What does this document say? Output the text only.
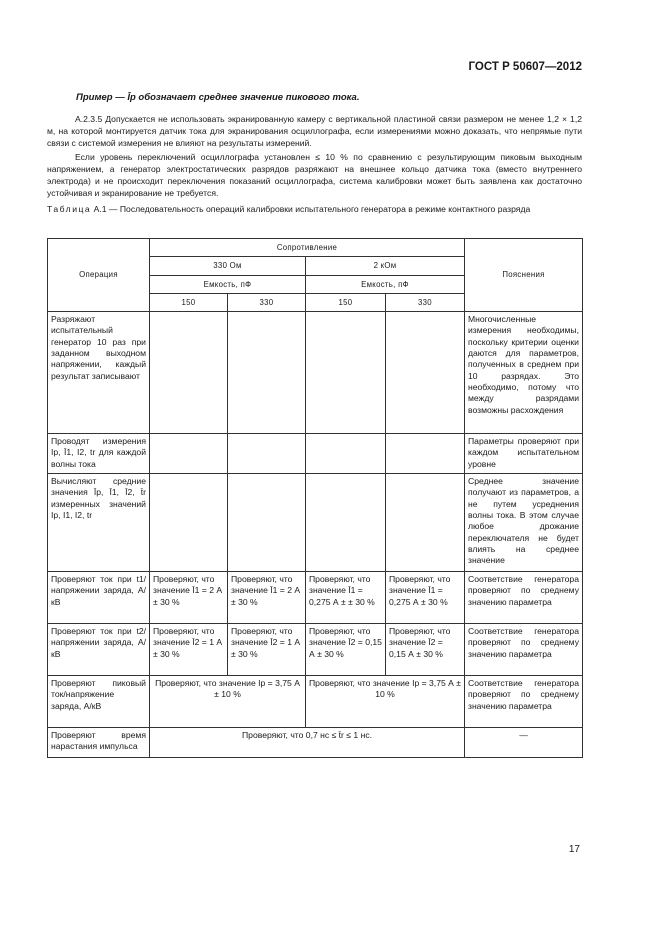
ГОСТ Р 50607—2012
Пример — Īp обозначает среднее значение пикового тока.
А.2.3.5 Допускается не использовать экранированную камеру с вертикальной пластиной связи размером не менее 1,2 × 1,2 м, на которой монтируется датчик тока для экранирования осциллографа, если измерениями можно доказать, что непрямые пути связи с системой измерения не влияют на результаты измерений.
Если уровень переключений осциллографа установлен ≤ 10 % по сравнению с результирующим пиковым выходным напряжением, а генератор электростатических разрядов разряжают на внешнее кольцо датчика тока (вместо внутреннего электрода) и не происходит переключения показаний осциллографа, система калибровки может быть заявлена как достаточно устойчивая и экранирование не требуется.
Таблица А.1 — Последовательность операций калибровки испытательного генератора в режиме контактного разряда
Операция	Сопротивление				Пояснения
	330 Ом		2 кОм		
	Емкость, пФ		Емкость, пФ		
	150	330	150	330	
Разряжают испытательный генератор 10 раз при заданном выходном напряжении, каждый результат записывают					Многочисленные измерения необходимы, поскольку критерии оценки даются для параметров, полученных в среднем при 10 разрядах. Это необходимо, потому что между разрядами возможны расхождения
Проводят измерения Ip, Ī1, I2, tr для каждой волны тока					Параметры проверяют при каждом испытательном уровне
Вычисляют средние значения Īp, Ī1, Ī2, t̄r измеренных значений Ip, I1, I2, tr					Среднее значение получают из параметров, а не путем усреднения волны тока. В этом случае любое дрожание переключателя не будет влиять на среднее значение
Проверяют ток при t1/напряжении заряда, А/кВ	Проверяют, что значение Ī1 = 2 А ± 30 %	Проверяют, что значение Ī1 = 2 А ± 30 %	Проверяют, что значение Ī1 = 0,275 А ± ± 30 %	Проверяют, что значение Ī1 = 0,275 А ± 30 %	Соответствие генератора проверяют по среднему значению параметра
Проверяют ток при t2/напряжении заряда, А/кВ	Проверяют, что значение Ī2 = 1 А ± 30 %	Проверяют, что значение Ī2 = 1 А ± 30 %	Проверяют, что значение Ī2 = 0,15 А ± 30 %	Проверяют, что значение Ī2 = 0,15 А ± 30 %	Соответствие генератора проверяют по среднему значению параметра
Проверяют пиковый ток/напряжение заряда, А/кВ	Проверяют, что значение Ip = 3,75 А ± 10 %		Проверяют, что значение Ip = 3,75 А ± 10 %		Соответствие генератора проверяют по среднему значению параметра
Проверяют время нарастания импульса	Проверяют, что 0,7 нс ≤ t̄r ≤ 1 нс.				—
17
